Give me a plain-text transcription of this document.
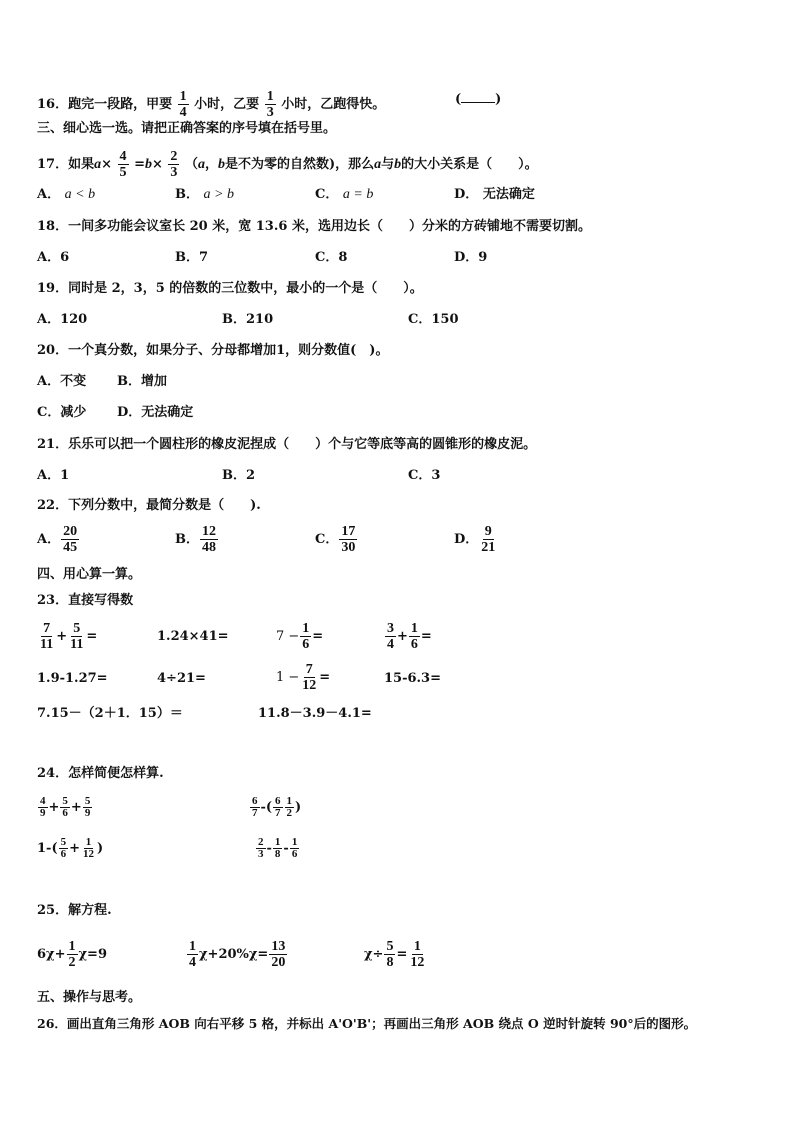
16．跑完一段路，甲要 $\frac{1}{4}$ 小时，乙要 $\frac{1}{3}$ 小时，乙跑得快。	(	)
三、细心选一选。请把正确答案的序号填在括号里。
17．如果$a\times \frac{4}{5} =b\times \frac{2}{3} (a$，b是不为零的自然数)，那么a与b的大小关系是（　　）。
A． a < b	B． a > b	C． a = b	D． 无法确定
18．一间多功能会议室长 20 米，宽 13.6 米，选用边长（　　）分米的方砖铺地不需要切割。
A．6	B．7	C．8	D．9
19．同时是 2，3，5 的倍数的三位数中，最小的一个是（　　）。
A．120	B．210	C．150
20．一个真分数，如果分子、分母都增加1，则分数值(　)。
A．不变 B．增加
C．减少 D．无法确定
21．乐乐可以把一个圆柱形的橡皮泥捏成（　　）个与它等底等高的圆锥形的橡皮泥。
A．1	B．2	C．3
22．下列分数中，最简分数是（　　).
A． $\frac{20}{45}$	B． $\frac{12}{48}$	C． $\frac{17}{30}$	D． $\frac{9}{21}$
四、用心算一算。
23．直接写得数
$\frac{7}{11} + \frac{5}{11}$ =	1.24×41=	$7 - \frac{1}{6}$ =	$\frac{3}{4} + \frac{1}{6}$ =
1.9-1.27=	4÷21=	$1 - \frac{7}{12}$ =	15-6.3=
7.15－（2＋1．15）＝	11.8－3.9－4.1=
24．怎样简便怎样算.
$\frac{4}{9} + \frac{5}{6} + \frac{5}{9}$	$\frac{6}{7}$ -( $\frac{6}{7} \frac{1}{2}$ )
$1-( \frac{5}{6} + \frac{1}{12}$ )	$\frac{2}{3} - \frac{1}{8} - \frac{1}{6}$
25．解方程.
$6\chi+ \frac{1}{2} \chi=9$	$\frac{1}{4} \chi+20\%\chi= \frac{13}{20}$	$\chi\div \frac{5}{8} = \frac{1}{12}$
五、操作与思考。
26．画出直角三角形 AOB 向右平移 5 格，并标出 A'O'B'；再画出三角形 AOB 绕点 O 逆时针旋转 90°后的图形。
